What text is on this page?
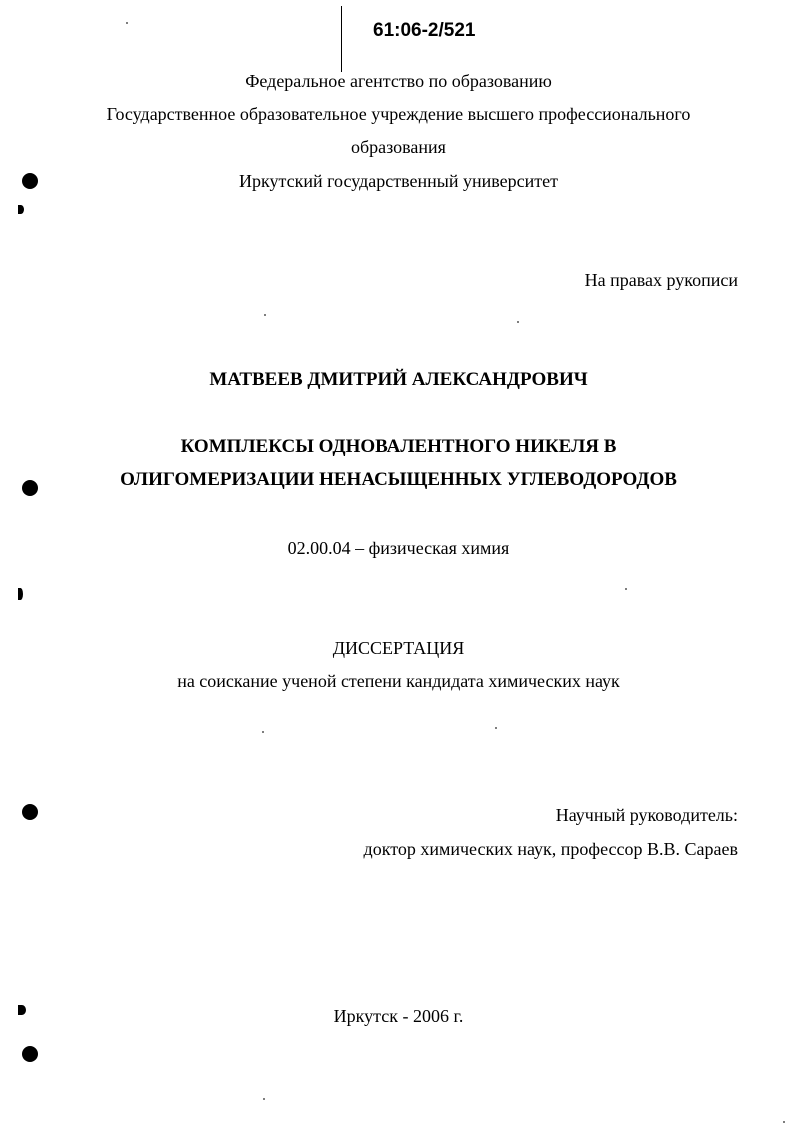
61:06-2/521
Федеральное агентство по образованию
Государственное образовательное учреждение высшего профессионального
образования
Иркутский государственный университет
На правах рукописи
МАТВЕЕВ ДМИТРИЙ АЛЕКСАНДРОВИЧ
КОМПЛЕКСЫ ОДНОВАЛЕНТНОГО НИКЕЛЯ В
ОЛИГОМЕРИЗАЦИИ НЕНАСЫЩЕННЫХ УГЛЕВОДОРОДОВ
02.00.04 – физическая химия
ДИССЕРТАЦИЯ
на соискание ученой степени кандидата химических наук
Научный руководитель:
доктор химических наук, профессор В.В. Сараев
Иркутск - 2006 г.
